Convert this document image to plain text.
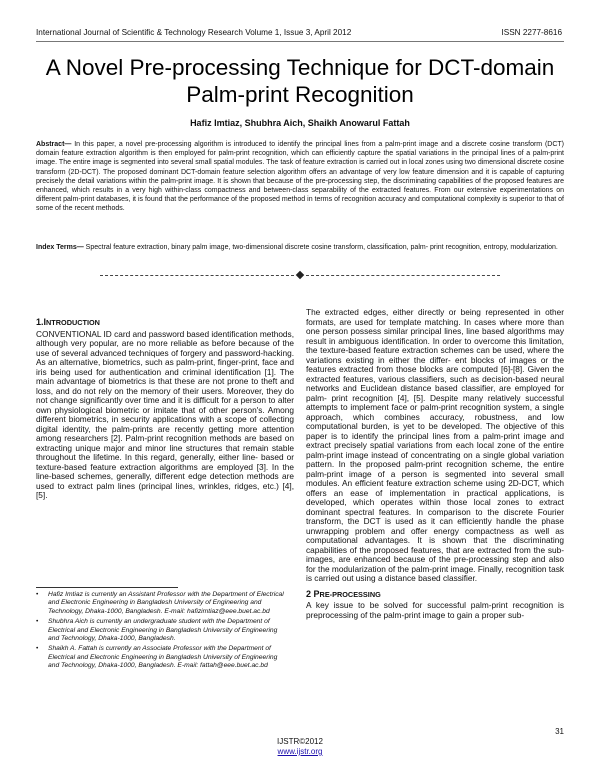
International Journal of Scientific & Technology Research Volume 1, Issue 3, April 2012	ISSN 2277-8616
A Novel Pre-processing Technique for DCT-domain Palm-print Recognition
Hafiz Imtiaz, Shubhra Aich, Shaikh Anowarul Fattah
Abstract— In this paper, a novel pre-processing algorithm is introduced to identify the principal lines from a palm-print image and a discrete cosine transform (DCT) domain feature extraction algorithm is then employed for palm-print recognition, which can efficiently capture the spatial variations in the principal lines of a palm-print image. The entire image is segmented into several small spatial modules. The task of feature extraction is carried out in local zones using two dimensional discrete cosine transform (2D-DCT). The proposed dominant DCT-domain feature selection algorithm offers an advantage of very low feature dimension and it is capable of capturing precisely the detail variations within the palm-print image. It is shown that because of the pre-processing step, the discriminating capabilities of the proposed features are enhanced, which results in a very high within-class compactness and between-class separability of the extracted features. From our extensive experimentations on different palm-print databases, it is found that the performance of the proposed method in terms of recognition accuracy and computational complexity is superior to that of some of the recent methods.
Index Terms— Spectral feature extraction, binary palm image, two-dimensional discrete cosine transform, classification, palm- print recognition, entropy, modularization.
1.INTRODUCTION
CONVENTIONAL ID card and password based identification methods, although very popular, are no more reliable as before because of the use of several advanced techniques of forgery and password-hacking. As an alternative, biometrics, such as palm-print, finger-print, face and iris being used for authentication and criminal identification [1]. The main advantage of biometrics is that these are not prone to theft and loss, and do not rely on the memory of their users. Moreover, they do not change significantly over time and it is difficult for a person to alter own physiological biometric or imitate that of other person's. Among different biometrics, in security applications with a scope of collecting digital identity, the palm-prints are recently getting more attention among researchers [2]. Palm-print recognition methods are based on extracting unique major and minor line structures that remain stable throughout the lifetime. In this regard, generally, either line- based or texture-based feature extraction algorithms are employed [3]. In the line-based schemes, generally, different edge detection methods are used to extract palm lines (principal lines, wrinkles, ridges, etc.) [4], [5].
The extracted edges, either directly or being represented in other formats, are used for template matching. In cases where more than one person possess similar principal lines, line based algorithms may result in ambiguous identification. In order to overcome this limitation, the texture-based feature extraction schemes can be used, where the variations existing in either the differ- ent blocks of images or the features extracted from those blocks are computed [6]-[8]. Given the extracted features, various classifiers, such as decision-based neural networks and Euclidean distance based classifier, are employed for palm- print recognition [4], [5]. Despite many relatively successful attempts to implement face or palm-print recognition system, a single approach, which combines accuracy, robustness, and low computational burden, is yet to be developed. The objective of this paper is to identify the principal lines from a palm-print image and extract precisely spatial variations from each local zone of the entire palm-print image instead of concentrating on a single global variation pattern. In the proposed palm-print recognition scheme, the entire palm-print image of a person is segmented into several small modules. An efficient feature extraction scheme using 2D-DCT, which offers an ease of implementation in practical applications, is developed, which operates within those local zones to extract dominant spectral features. In comparison to the discrete Fourier transform, the DCT is used as it can efficiently handle the phase unwrapping problem and offer energy compactness as well as computational advantages. It is shown that the discriminating capabilities of the proposed features, that are extracted from the sub-images, are enhanced because of the pre-processing step and also for the modularization of the palm-print image. Finally, recognition task is carried out using a distance based classifier.
2 PRE-PROCESSING
A key issue to be solved for successful palm-print recognition is preprocessing of the palm-print image to gain a proper sub-
• Hafiz Imtiaz is currently an Assistant Professor with the Department of Electrical and Electronic Engineering in Bangladesh University of Engineering and Technology, Dhaka-1000, Bangladesh. E-mail: hafizimtiaz@eee.buet.ac.bd
• Shubhra Aich is currently an undergraduate student with the Department of Electrical and Electronic Engineering in Bangladesh University of Engineering and Technology, Dhaka-1000, Bangladesh.
• Shaikh A. Fattah is currently an Associate Professor with the Department of Electrical and Electronic Engineering in Bangladesh University of Engineering and Technology, Dhaka-1000, Bangladesh. E-mail: fattah@eee.buet.ac.bd
31
IJSTR©2012
www.ijstr.org
